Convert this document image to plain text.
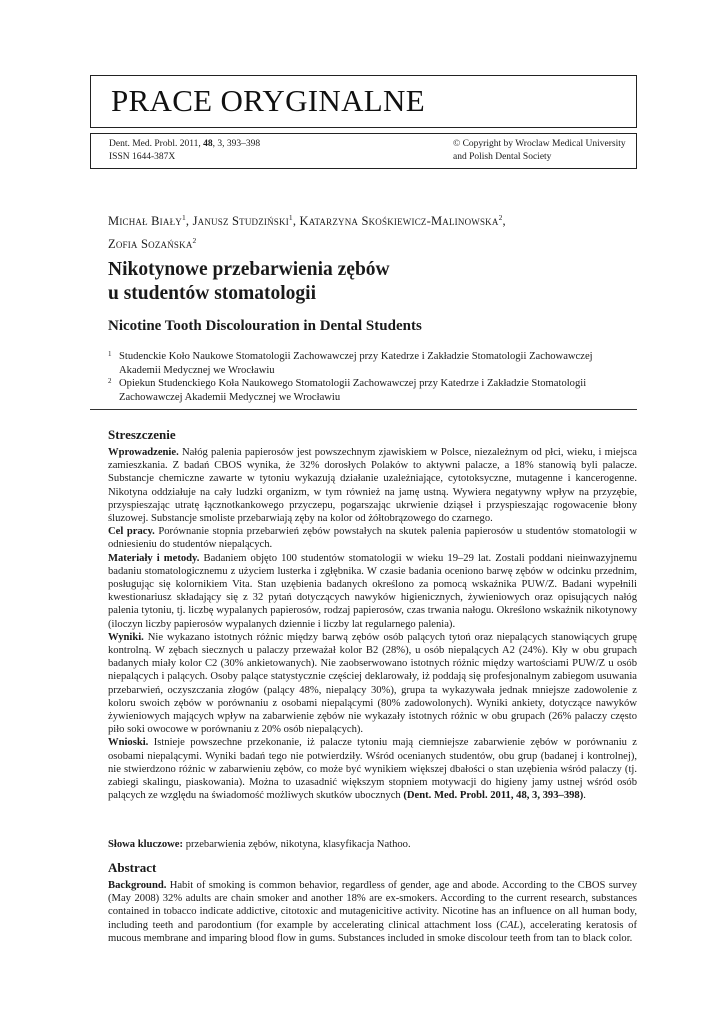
PRACE ORYGINALNE
Dent. Med. Probl. 2011, 48, 3, 393–398
ISSN 1644-387X
© Copyright by Wroclaw Medical University
and Polish Dental Society
Michał Biały$^1$, Janusz Studziński$^1$, Katarzyna Skośkiewicz-Malinowska$^2$,
Zofia Sozańska$^2$
Nikotynowe przebarwienia zębów
u studentów stomatologii
Nicotine Tooth Discolouration in Dental Students
1 Studenckie Koło Naukowe Stomatologii Zachowawczej przy Katedrze i Zakładzie Stomatologii Zachowawczej Akademii Medycznej we Wrocławiu
2 Opiekun Studenckiego Koła Naukowego Stomatologii Zachowawczej przy Katedrze i Zakładzie Stomatologii Zachowawczej Akademii Medycznej we Wrocławiu
Streszczenie

Wprowadzenie. Nałóg palenia papierosów jest powszechnym zjawiskiem w Polsce, niezależnym od płci, wieku, i miejsca zamieszkania. Z badań CBOS wynika, że 32% dorosłych Polaków to aktywni palacze, a 18% stanowią byli palacze. Substancje chemiczne zawarte w tytoniu wykazują działanie uzależniające, cytotoksyczne, mutagenne i kancerogenne. Nikotyna oddziałuje na cały ludzki organizm, w tym również na jamę ustną. Wywiera negatywny wpływ na przyzębie, przyspieszając utratę łącznotkankowego przyczepu, pogarszając ukrwienie dziąseł i przyspieszając rogowacenie błony śluzowej. Substancje smoliste przebarwiają zęby na kolor od żółtobrązowego do czarnego.

Cel pracy. Porównanie stopnia przebarwień zębów powstałych na skutek palenia papierosów u studentów stomatologii w odniesieniu do studentów niepalących.

Materiały i metody. Badaniem objęto 100 studentów stomatologii w wieku 19–29 lat. Zostali poddani nieinwazyjnemu badaniu stomatologicznemu z użyciem lusterka i zgłębnika. W czasie badania oceniono barwę zębów w odcinku przednim, posługując się kolornikiem Vita. Stan uzębienia badanych określono za pomocą wskaźnika PUW/Z. Badani wypełnili kwestionariusz składający się z 32 pytań dotyczących nawyków higienicznych, żywieniowych oraz opisujących nałóg palenia tytoniu, tj. liczbę wypalanych papierosów, rodzaj papierosów, czas trwania nałogu. Określono wskaźnik nikotynowy (iloczyn liczby papierosów wypalanych dziennie i liczby lat regularnego palenia).

Wyniki. Nie wykazano istotnych różnic między barwą zębów osób palących tytoń oraz niepalących stanowiących grupę kontrolną. W zębach siecznych u palaczy przeważał kolor B2 (28%), u osób niepalących A2 (24%). Kły w obu grupach badanych miały kolor C2 (30% ankietowanych). Nie zaobserwowano istotnych różnic między wartościami PUW/Z u osób niepalących i palących. Osoby palące statystycznie częściej deklarowały, iż poddają się profesjonalnym zabiegom usuwania przebarwień, oczyszczania złogów (palący 48%, niepalący 30%), grupa ta wykazywała jednak mniejsze zadowolenie z koloru swoich zębów w porównaniu z osobami niepalącymi (80% zadowolonych). Wyniki ankiety, dotyczące nawyków żywieniowych mających wpływ na zabarwienie zębów nie wykazały istotnych różnic w obu grupach (26% palaczy często piło soki owocowe w porównaniu z 20% osób niepalących).

Wnioski. Istnieje powszechne przekonanie, iż palacze tytoniu mają ciemniejsze zabarwienie zębów w porównaniu z osobami niepalącymi. Wyniki badań tego nie potwierdziły. Wśród ocenianych studentów, obu grup (badanej i kontrolnej), nie stwierdzono różnic w zabarwieniu zębów, co może być wynikiem większej dbałości o stan uzębienia wśród palaczy (tj. zabiegi skalingu, piaskowania). Można to uzasadnić większym stopniem motywacji do higieny jamy ustnej wśród osób palących ze względu na świadomość możliwych skutków ubocznych (Dent. Med. Probl. 2011, 48, 3, 393–398).

Słowa kluczowe: przebarwienia zębów, nikotyna, klasyfikacja Nathoo.
Abstract

Background. Habit of smoking is common behavior, regardless of gender, age and abode. According to the CBOS survey (May 2008) 32% adults are chain smoker and another 18% are ex-smokers. According to the current research, substances contained in tobacco indicate addictive, citotoxic and mutagenicitive activity. Nicotine has an influence on all human body, including teeth and parodontium (for example by accelerating clinical attachment loss (CAL), accelerating keratosis of mucous membrane and imparing blood flow in gums. Substances included in smoke discolour teeth from tan to black color.
